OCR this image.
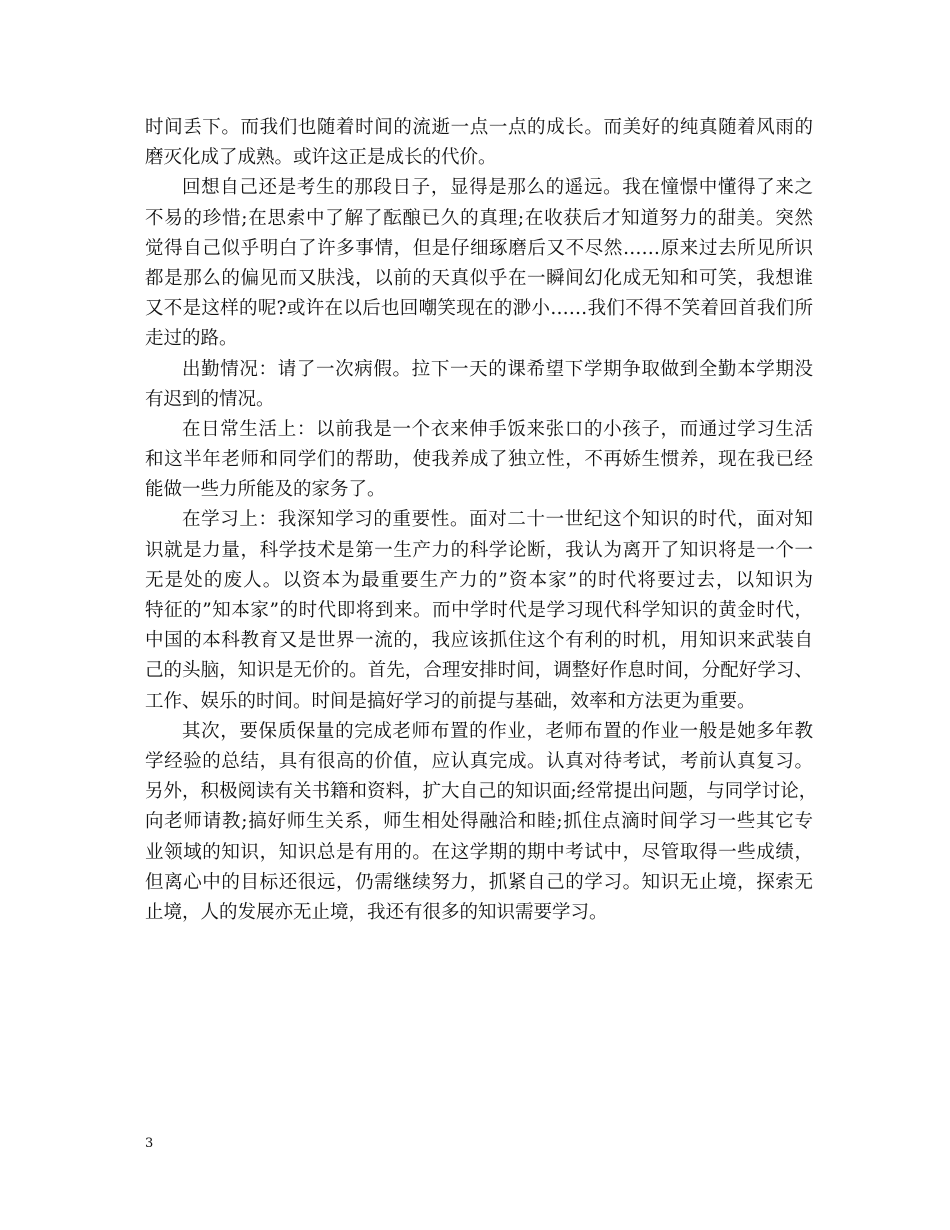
时间丢下。而我们也随着时间的流逝一点一点的成长。而美好的纯真随着风雨的
磨灭化成了成熟。或许这正是成长的代价。
回想自己还是考生的那段日子，显得是那么的遥远。我在憧憬中懂得了来之
不易的珍惜;在思索中了解了酝酿已久的真理;在收获后才知道努力的甜美。突然
觉得自己似乎明白了许多事情，但是仔细琢磨后又不尽然……原来过去所见所识
都是那么的偏见而又肤浅，以前的天真似乎在一瞬间幻化成无知和可笑，我想谁
又不是这样的呢?或许在以后也回嘲笑现在的渺小……我们不得不笑着回首我们所
走过的路。
出勤情况：请了一次病假。拉下一天的课希望下学期争取做到全勤本学期没
有迟到的情况。
在日常生活上：以前我是一个衣来伸手饭来张口的小孩子，而通过学习生活
和这半年老师和同学们的帮助，使我养成了独立性，不再娇生惯养，现在我已经
能做一些力所能及的家务了。
在学习上：我深知学习的重要性。面对二十一世纪这个知识的时代，面对知
识就是力量，科学技术是第一生产力的科学论断，我认为离开了知识将是一个一
无是处的废人。以资本为最重要生产力的”资本家”的时代将要过去，以知识为
特征的”知本家”的时代即将到来。而中学时代是学习现代科学知识的黄金时代，
中国的本科教育又是世界一流的，我应该抓住这个有利的时机，用知识来武装自
己的头脑，知识是无价的。首先，合理安排时间，调整好作息时间，分配好学习、
工作、娱乐的时间。时间是搞好学习的前提与基础，效率和方法更为重要。
其次，要保质保量的完成老师布置的作业，老师布置的作业一般是她多年教
学经验的总结，具有很高的价值，应认真完成。认真对待考试，考前认真复习。
另外，积极阅读有关书籍和资料，扩大自己的知识面;经常提出问题，与同学讨论，
向老师请教;搞好师生关系，师生相处得融洽和睦;抓住点滴时间学习一些其它专
业领域的知识，知识总是有用的。在这学期的期中考试中，尽管取得一些成绩，
但离心中的目标还很远，仍需继续努力，抓紧自己的学习。知识无止境，探索无
止境，人的发展亦无止境，我还有很多的知识需要学习。
3
